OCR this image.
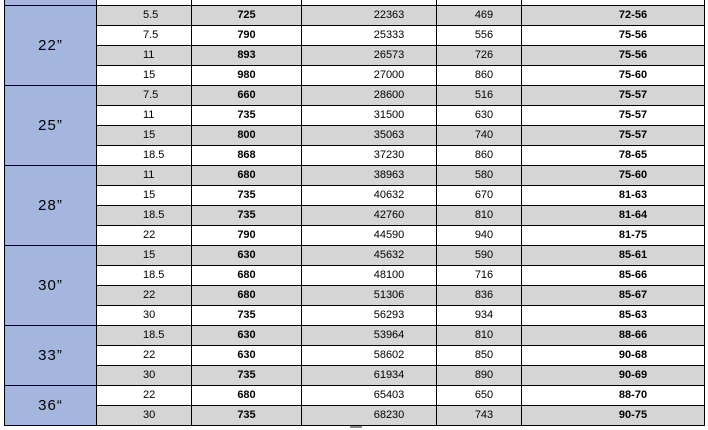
22”	5.5	725	22363	469	72-56
	7.5	790	25333	556	75-56
	11	893	26573	726	75-56
	15	980	27000	860	75-60
25”	7.5	660	28600	516	75-57
	11	735	31500	630	75-57
	15	800	35063	740	75-57
	18.5	868	37230	860	78-65
28”	11	680	38963	580	75-60
	15	735	40632	670	81-63
	18.5	735	42760	810	81-64
	22	790	44590	940	81-75
30”	15	630	45632	590	85-61
	18.5	680	48100	716	85-66
	22	680	51306	836	85-67
	30	735	56293	934	85-63
33”	18.5	630	53964	810	88-66
	22	630	58602	850	90-68
	30	735	61934	890	90-69
36“	22	680	65403	650	88-70
	30	735	68230	743	90-75
